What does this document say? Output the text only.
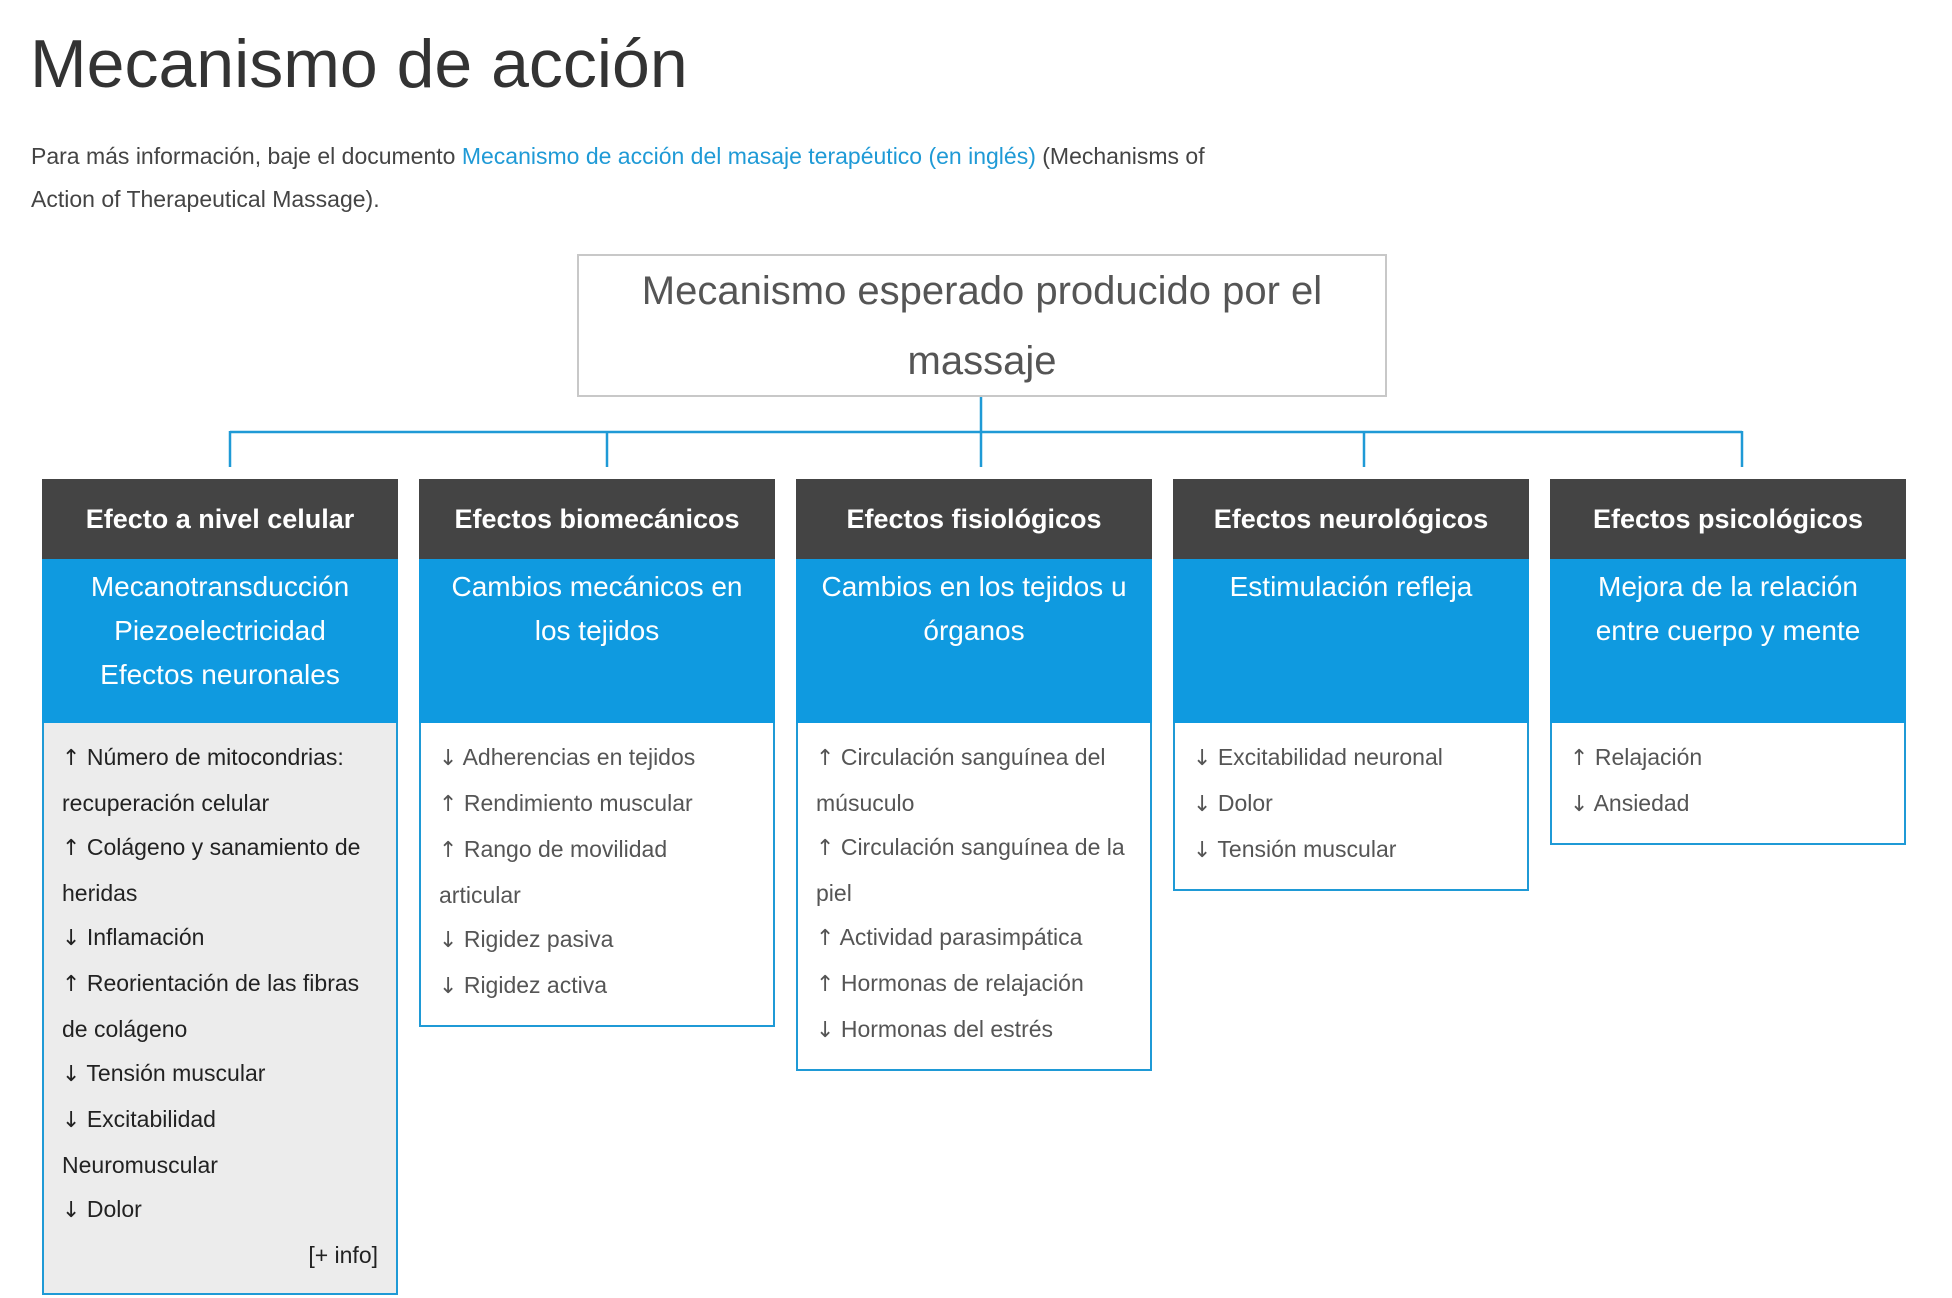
Mecanismo de acción

Para más información, baje el documento Mecanismo de acción del masaje terapéutico (en inglés) (Mechanisms of Action of Therapeutical Massage).

Mecanismo esperado producido por el massaje
Efecto a nivel celular
Mecanotransducción
Piezoelectricidad
Efectos neuronales
↑ Número de mitocondrias: recuperación celular
↑ Colágeno y sanamiento de heridas
↓ Inflamación
↑ Reorientación de las fibras de colágeno
↓ Tensión muscular
↓ Excitabilidad Neuromuscular
↓ Dolor
[+ info]
Efectos biomecánicos
Cambios mecánicos en los tejidos
↓ Adherencias en tejidos
↑ Rendimiento muscular
↑ Rango de movilidad articular
↓ Rigidez pasiva
↓ Rigidez activa
Efectos fisiológicos
Cambios en los tejidos u órganos
↑ Circulación sanguínea del músuculo
↑ Circulación sanguínea de la piel
↑ Actividad parasimpática
↑ Hormonas de relajación
↓ Hormonas del estrés
Efectos neurológicos
Estimulación refleja
↓ Excitabilidad neuronal
↓ Dolor
↓ Tensión muscular
Efectos psicológicos
Mejora de la relación entre cuerpo y mente
↑ Relajación
↓ Ansiedad
